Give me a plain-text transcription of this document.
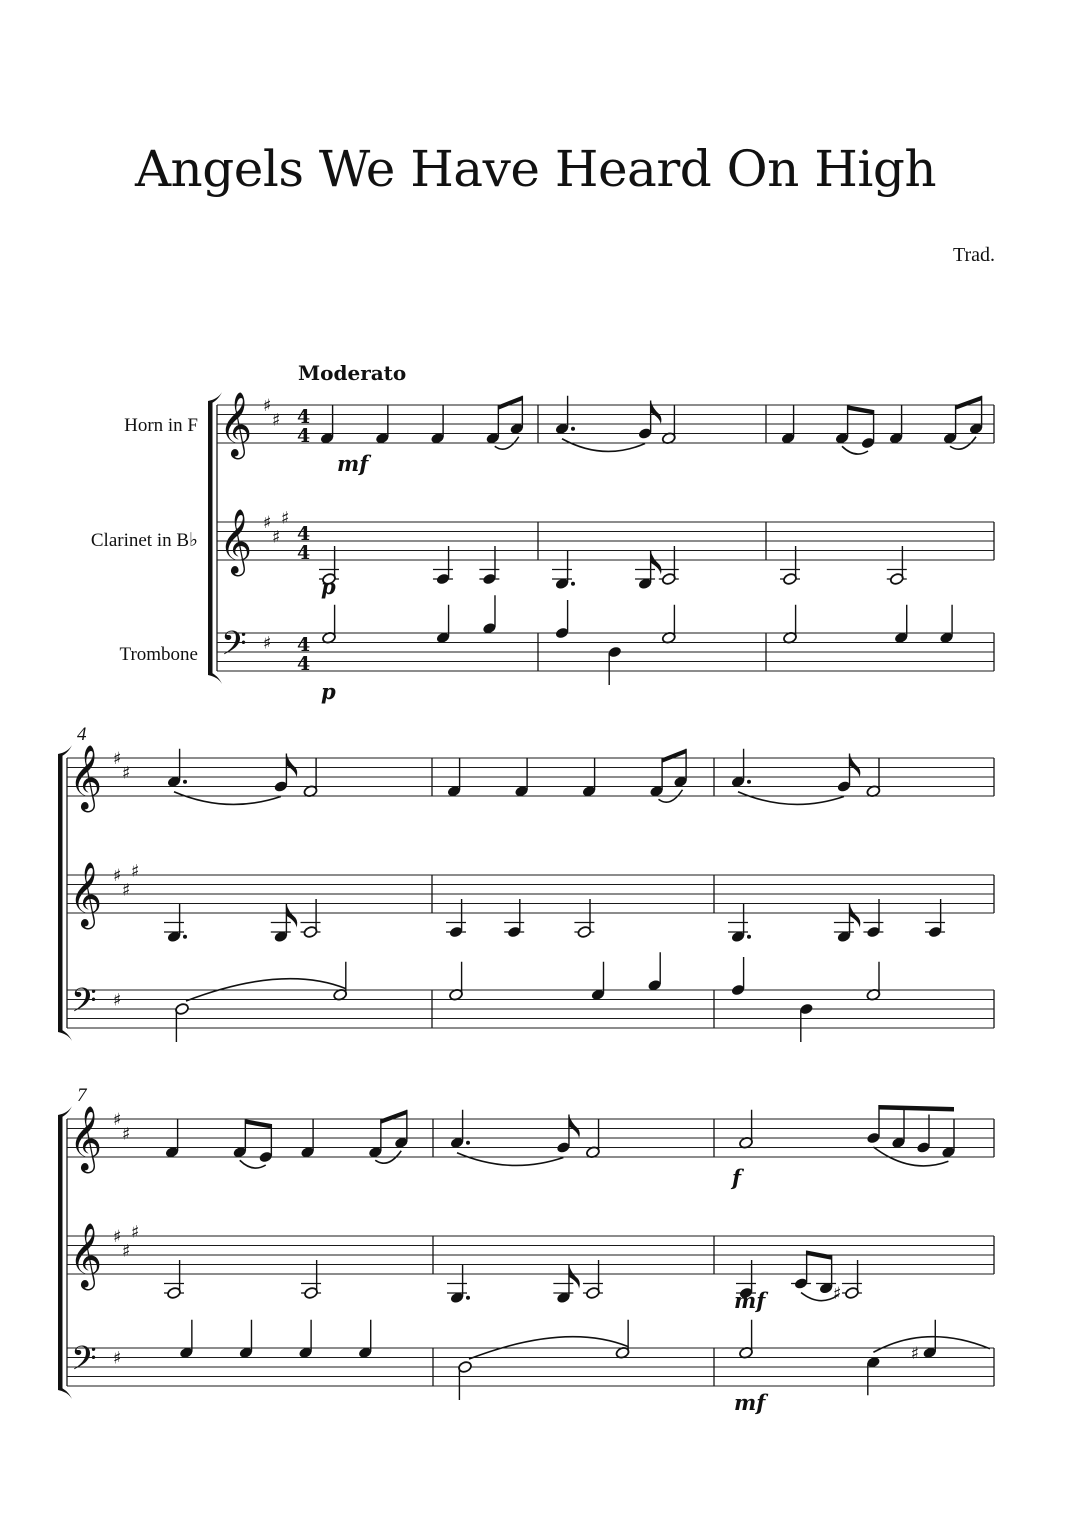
Angels We Have Heard On High
Trad.
𝄞
𝄞
𝄢
♯
♯
♯
♯
♯
♯
4
4
4
4
4
4
mf
p
p
𝄞
𝄞
𝄢
♯
♯
♯
♯
♯
♯
4
𝄞
𝄞
𝄢
♯
♯
♯
♯
♯
♯
7
♯
♯
f
mf
mf
Horn in F
Clarinet in B♭
Trombone
Moderato
